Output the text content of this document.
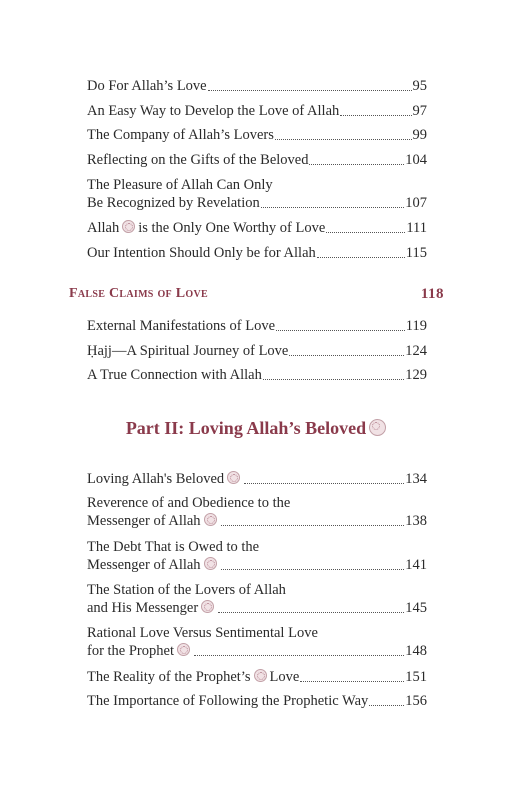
Do For Allah’s Love	95
An Easy Way to Develop the Love of Allah	97
The Company of Allah’s Lovers	99
Reflecting on the Gifts of the Beloved	104
The Pleasure of Allah Can Only
Be Recognized by Revelation	107
Allah is the Only One Worthy of Love	111
Our Intention Should Only be for Allah	115
False Claims of Love	118
External Manifestations of Love	119
Ḥajj—A Spiritual Journey of Love	124
A True Connection with Allah	129
Part II: Loving Allah’s Beloved
Loving Allah's Beloved	134
Reverence of and Obedience to the
Messenger of Allah	138
The Debt That is Owed to the
Messenger of Allah	141
The Station of the Lovers of Allah
and His Messenger	145
Rational Love Versus Sentimental Love
for the Prophet	148
The Reality of the Prophet’s Love	151
The Importance of Following the Prophetic Way	156
